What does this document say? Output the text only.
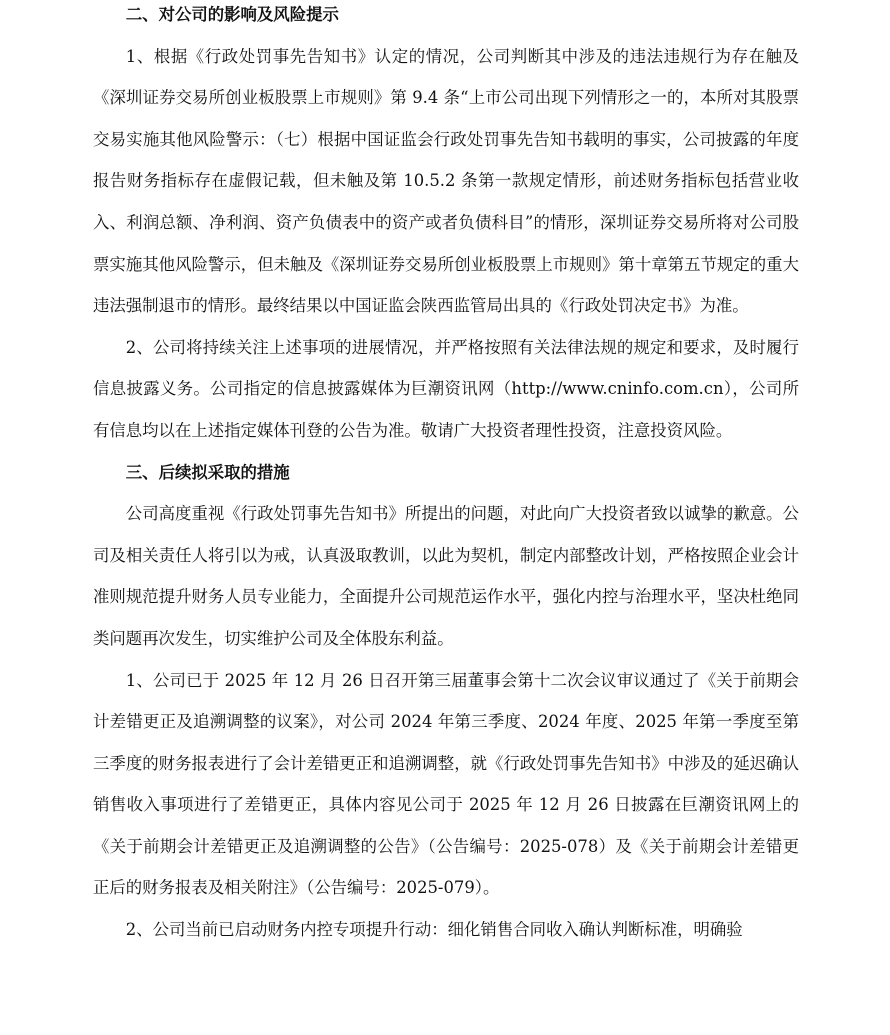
二、对公司的影响及风险提示

1、根据《行政处罚事先告知书》认定的情况，公司判断其中涉及的违法违规行为存在触及《深圳证券交易所创业板股票上市规则》第 9.4 条“上市公司出现下列情形之一的，本所对其股票交易实施其他风险警示：（七）根据中国证监会行政处罚事先告知书载明的事实，公司披露的年度报告财务指标存在虚假记载，但未触及第 10.5.2 条第一款规定情形，前述财务指标包括营业收入、利润总额、净利润、资产负债表中的资产或者负债科目”的情形，深圳证券交易所将对公司股票实施其他风险警示，但未触及《深圳证券交易所创业板股票上市规则》第十章第五节规定的重大违法强制退市的情形。最终结果以中国证监会陕西监管局出具的《行政处罚决定书》为准。

2、公司将持续关注上述事项的进展情况，并严格按照有关法律法规的规定和要求，及时履行信息披露义务。公司指定的信息披露媒体为巨潮资讯网（http://www.cninfo.com.cn），公司所有信息均以在上述指定媒体刊登的公告为准。敬请广大投资者理性投资，注意投资风险。

三、后续拟采取的措施

公司高度重视《行政处罚事先告知书》所提出的问题，对此向广大投资者致以诚挚的歉意。公司及相关责任人将引以为戒，认真汲取教训，以此为契机，制定内部整改计划，严格按照企业会计准则规范提升财务人员专业能力，全面提升公司规范运作水平，强化内控与治理水平，坚决杜绝同类问题再次发生，切实维护公司及全体股东利益。

1、公司已于 2025 年 12 月 26 日召开第三届董事会第十二次会议审议通过了《关于前期会计差错更正及追溯调整的议案》，对公司 2024 年第三季度、2024 年度、2025 年第一季度至第三季度的财务报表进行了会计差错更正和追溯调整，就《行政处罚事先告知书》中涉及的延迟确认销售收入事项进行了差错更正，具体内容见公司于 2025 年 12 月 26 日披露在巨潮资讯网上的《关于前期会计差错更正及追溯调整的公告》（公告编号：2025-078）及《关于前期会计差错更正后的财务报表及相关附注》（公告编号：2025-079）。

2、公司当前已启动财务内控专项提升行动：细化销售合同收入确认判断标准，明确验
